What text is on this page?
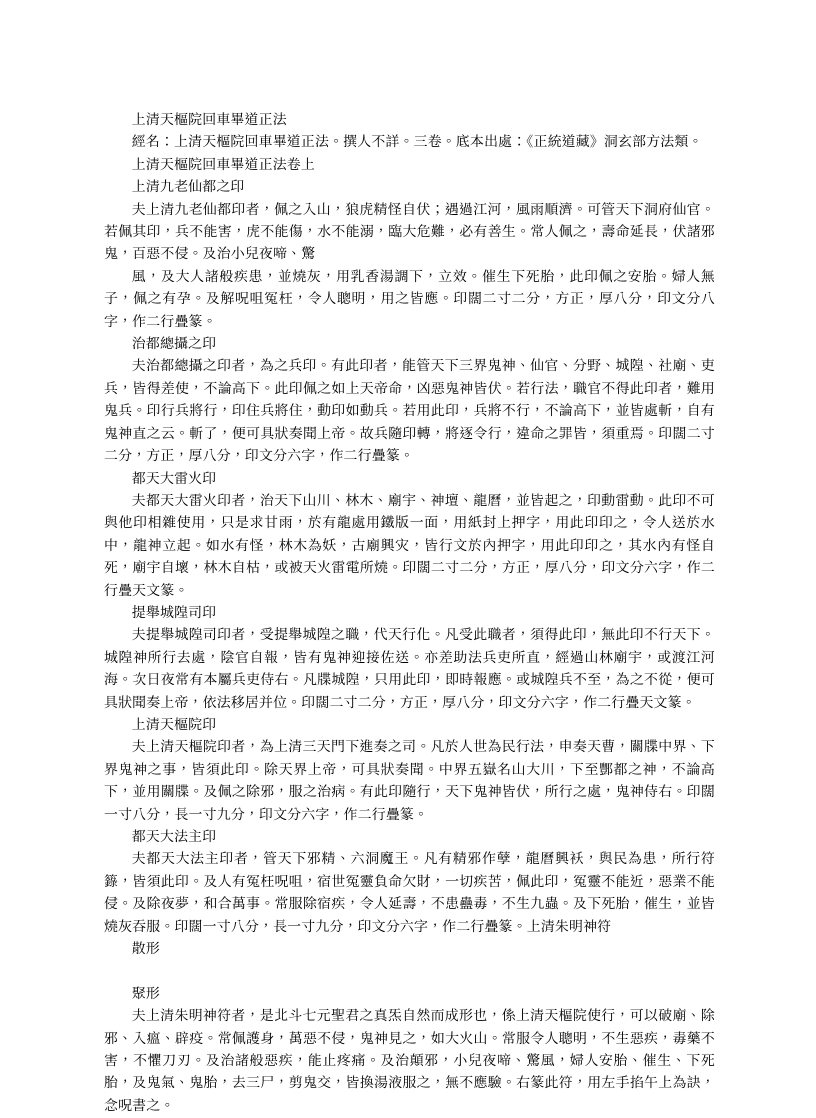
上清天樞院回車畢道正法

經名：上清天樞院回車畢道正法。撰人不詳。三卷。底本出處：《正統道藏》洞玄部方法類。

上清天樞院回車畢道正法卷上

上清九老仙都之印

夫上清九老仙都印者，佩之入山，狼虎精怪自伏；遇過江河，風雨順濟。可管天下洞府仙官。若佩其印，兵不能害，虎不能傷，水不能溺，臨大危難，必有善生。常人佩之，壽命延長，伏諸邪鬼，百惡不侵。及治小兒夜啼、驚

風，及大人諸般疾患，並燒灰，用乳香湯調下，立效。催生下死胎，此印佩之安胎。婦人無子，佩之有孕。及解呪咀冤枉，令人聰明，用之皆應。印闊二寸二分，方正，厚八分，印文分八字，作二行疊篆。

治都總攝之印

夫治都總攝之印者，為之兵印。有此印者，能管天下三界鬼神、仙官、分野、城隍、社廟、吏兵，皆得差使，不論高下。此印佩之如上天帝命，凶惡鬼神皆伏。若行法，職官不得此印者，難用鬼兵。印行兵將行，印住兵將住，動印如動兵。若用此印，兵將不行，不論高下，並皆處斬，自有鬼神直之云。斬了，便可具狀奏聞上帝。故兵隨印轉，將逐令行，違命之罪皆，須重焉。印闊二寸二分，方正，厚八分，印文分六字，作二行疊篆。

都天大雷火印

夫都天大雷火印者，治天下山川、林木、廟宇、神壇、龍曆，並皆起之，印動雷動。此印不可與他印相雜使用，只是求甘雨，於有龍處用鐵版一面，用紙封上押字，用此印印之，令人送於水中，龍神立起。如水有怪，林木為妖，古廟興灾，皆行文於內押字，用此印印之，其水內有怪自死，廟宇自壞，林木自枯，或被天火雷電所燒。印闊二寸二分，方正，厚八分，印文分六字，作二行疊天文篆。

提舉城隍司印

夫提舉城隍司印者，受提舉城隍之職，代天行化。凡受此職者，須得此印，無此印不行天下。城隍神所行去處，陰官自報，皆有鬼神迎接佐送。亦差助法兵吏所直，經過山林廟宇，或渡江河海。次日夜常有本屬兵吏侍右。凡牒城隍，只用此印，即時報應。或城隍兵不至，為之不從，便可具狀聞奏上帝，依法移居并位。印闊二寸二分，方正，厚八分，印文分六字，作二行疊天文篆。

上清天樞院印

夫上清天樞院印者，為上清三天門下進奏之司。凡於人世為民行法，申奏天曹，關牒中界、下界鬼神之事，皆須此印。除天界上帝，可具狀奏聞。中界五嶽名山大川，下至酆都之神，不論高下，並用關牒。及佩之除邪，服之治病。有此印隨行，天下鬼神皆伏，所行之處，鬼神侍右。印闊一寸八分，長一寸九分，印文分六字，作二行疊篆。

都天大法主印

夫都天大法主印者，管天下邪精、六洞魔王。凡有精邪作孽，龍曆興袄，與民為患，所行符籙，皆須此印。及人有冤枉呪咀，宿世冤靈負命欠財，一切疾苦，佩此印，冤靈不能近，惡業不能侵。及除夜夢，和合萬事。常服除宿疾，令人延壽，不患蠱毒，不生九蟲。及下死胎，催生，並皆燒灰吞服。印闊一寸八分，長一寸九分，印文分六字，作二行疊篆。上清朱明神符

散形

聚形

夫上清朱明神符者，是北斗七元聖君之真炁自然而成形也，係上清天樞院使行，可以破廟、除邪、入瘟、辟疫。常佩護身，萬惡不侵，鬼神見之，如大火山。常服令人聰明，不生惡疾，毒藥不害，不懼刀刃。及治諸般惡疾，能止疼痛。及治顛邪，小兒夜啼、驚風，婦人安胎、催生、下死胎，及鬼氣、鬼胎，去三尸，剪鬼交，皆換湯液服之，無不應驗。右篆此符，用左手掐午上為訣，念呪書之。
